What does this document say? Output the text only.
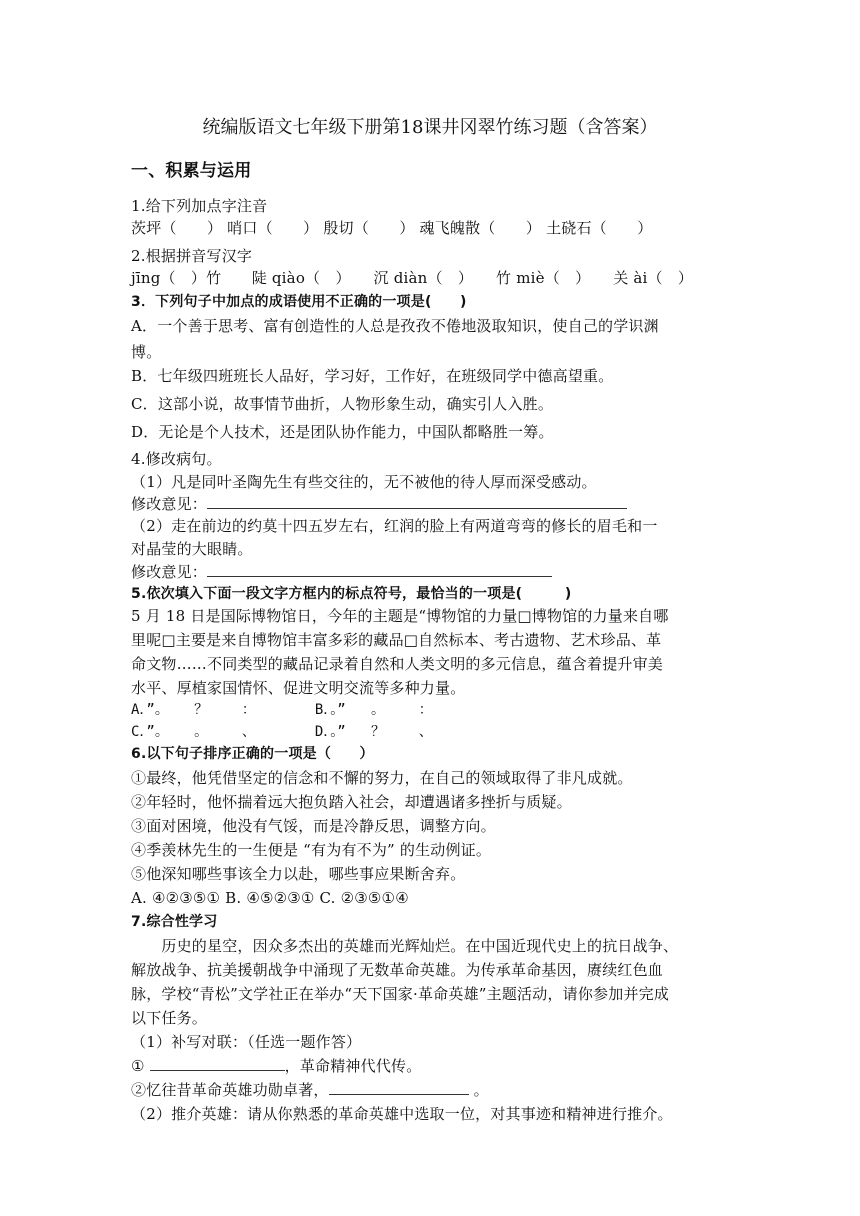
统编版语文七年级下册第18课井冈翠竹练习题（含答案）
一、积累与运用
1.给下列加点字注音
茨坪（　　） 哨口（　　） 殷切（　　） 魂飞魄散（　　） 土硗石（　　）
2.根据拼音写汉字
jīng（　）竹　　陡 qiào（　）　　沉 diàn（　）　　竹 miè（　）　　关 ài（　）
3．下列句子中加点的成语使用不正确的一项是(　　)
A．一个善于思考、富有创造性的人总是孜孜不倦地汲取知识，使自己的学识渊
博。
B．七年级四班班长人品好，学习好，工作好，在班级同学中德高望重。
C．这部小说，故事情节曲折，人物形象生动，确实引人入胜。
D．无论是个人技术，还是团队协作能力，中国队都略胜一筹。
4.修改病句。
（1）凡是同叶圣陶先生有些交往的，无不被他的待人厚而深受感动。
修改意见：
（2）走在前边的约莫十四五岁左右，红润的脸上有两道弯弯的修长的眉毛和一
对晶莹的大眼睛。
修改意见：
5.依次填入下面一段文字方框内的标点符号，最恰当的一项是(　　　)
5 月 18 日是国际博物馆日，今年的主题是“博物馆的力量□博物馆的力量来自哪
里呢□主要是来自博物馆丰富多彩的藏品□自然标本、考古遗物、艺术珍品、革
命文物……不同类型的藏品记录着自然和人类文明的多元信息，蕴含着提升审美
水平、厚植家国情怀、促进文明交流等多种力量。
A．”。   ？    ：       B．。”   。    ：
C．”。   。    、       D．。”   ？    、
6.以下句子排序正确的一项是（　　）
①最终，他凭借坚定的信念和不懈的努力，在自己的领域取得了非凡成就。
②年轻时，他怀揣着远大抱负踏入社会，却遭遇诸多挫折与质疑。
③面对困境，他没有气馁，而是冷静反思，调整方向。
④季羡林先生的一生便是 “有为有不为” 的生动例证。
⑤他深知哪些事该全力以赴，哪些事应果断舍弃。
A. ④②③⑤① B. ④⑤②③① C. ②③⑤①④
7.综合性学习
　　历史的星空，因众多杰出的英雄而光辉灿烂。在中国近现代史上的抗日战争、
解放战争、抗美援朝战争中涌现了无数革命英雄。为传承革命基因，赓续红色血
脉，学校“青松”文学社正在举办“天下国家·革命英雄”主题活动，请你参加并完成
以下任务。
（1）补写对联：（任选一题作答）
①	，革命精神代代传。
②忆往昔革命英雄功勋卓著，	。
（2）推介英雄：请从你熟悉的革命英雄中选取一位，对其事迹和精神进行推介。
